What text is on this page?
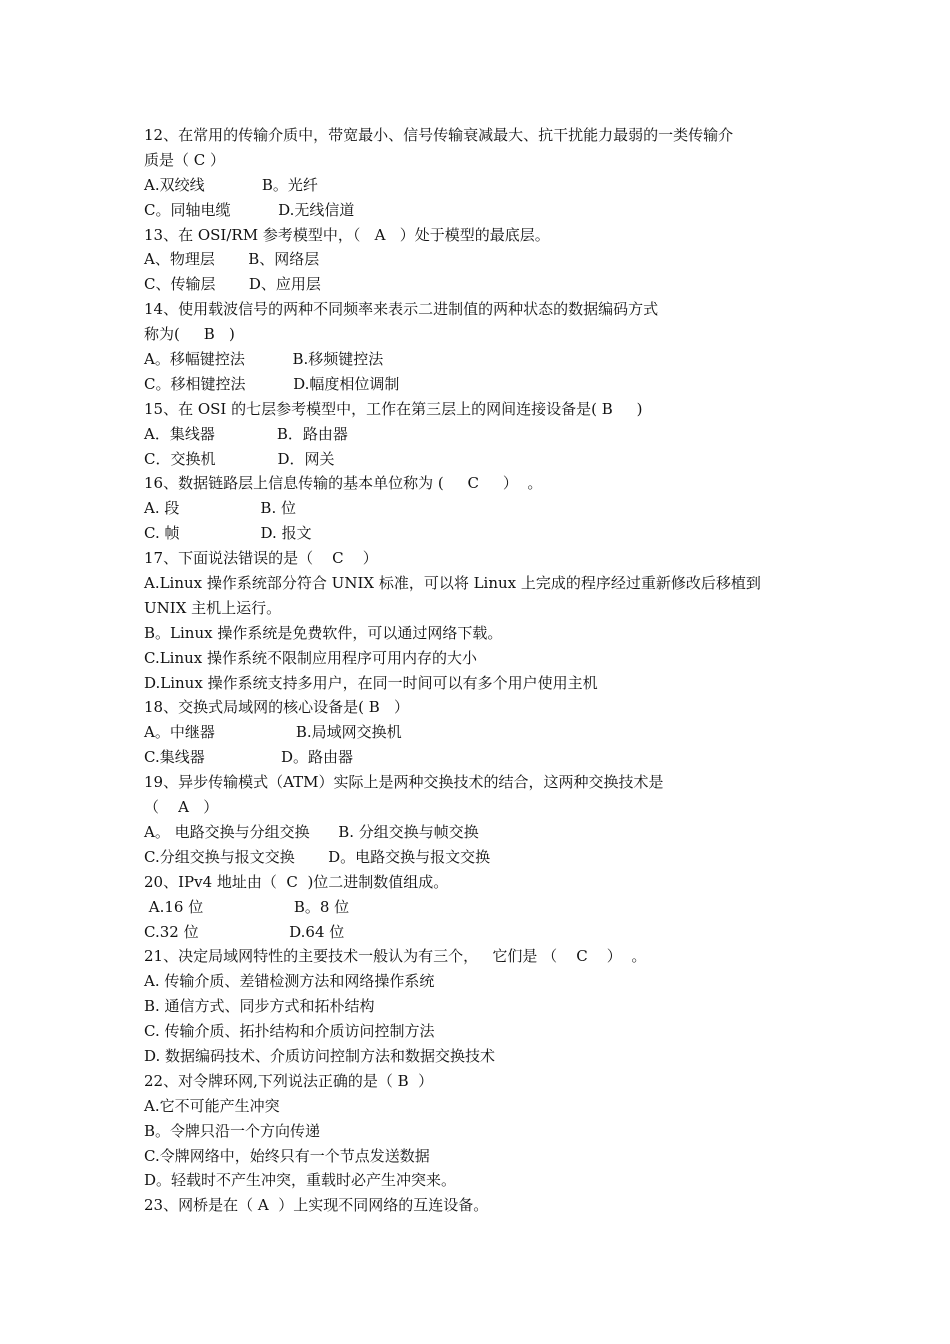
12、在常用的传输介质中，带宽最小、信号传输衰减最大、抗干扰能力最弱的一类传输介
质是（ C ）
A.双绞线            B。光纤
C。同轴电缆          D.无线信道
13、在 OSI/RM 参考模型中，（   A   ）处于模型的最底层。
A、物理层       B、网络层
C、传输层       D、应用层
14、使用载波信号的两种不同频率来表示二进制值的两种状态的数据编码方式
称为(     B   )
A。移幅键控法          B.移频键控法
C。移相键控法          D.幅度相位调制
15、在 OSI 的七层参考模型中，工作在第三层上的网间连接设备是( B     )
A．集线器             B．路由器
C．交换机             D．网关
16、数据链路层上信息传输的基本单位称为 (     C     ）  。
A. 段                 B. 位
C. 帧                 D. 报文
17、下面说法错误的是（    C    ）
A.Linux 操作系统部分符合 UNIX 标准，可以将 Linux 上完成的程序经过重新修改后移植到
UNIX 主机上运行。
B。Linux 操作系统是免费软件，可以通过网络下载。
C.Linux 操作系统不限制应用程序可用内存的大小
D.Linux 操作系统支持多用户，在同一时间可以有多个用户使用主机
18、交换式局域网的核心设备是( B   ）
A。中继器                 B.局域网交换机
C.集线器                D。路由器
19、异步传输模式（ATM）实际上是两种交换技术的结合，这两种交换技术是
（    A   ）
A。 电路交换与分组交换      B. 分组交换与帧交换
C.分组交换与报文交换       D。电路交换与报文交换
20、IPv4 地址由（  C  )位二进制数值组成。
A.16 位                   B。8 位
C.32 位                   D.64 位
21、决定局域网特性的主要技术一般认为有三个，   它们是 （    C    ）  。
A. 传输介质、差错检测方法和网络操作系统
B. 通信方式、同步方式和拓朴结构
C. 传输介质、拓扑结构和介质访问控制方法
D. 数据编码技术、介质访问控制方法和数据交换技术
22、对令牌环网,下列说法正确的是（ B  ）
A.它不可能产生冲突
B。令牌只沿一个方向传递
C.令牌网络中，始终只有一个节点发送数据
D。轻载时不产生冲突，重载时必产生冲突来。
23、网桥是在（ A  ）上实现不同网络的互连设备。
